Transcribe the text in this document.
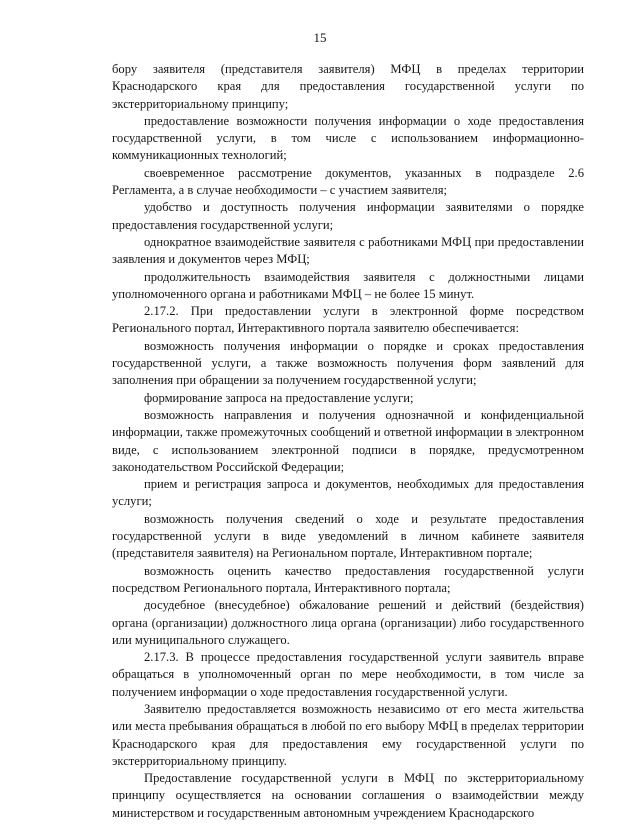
15

бору заявителя (представителя заявителя) МФЦ в пределах территории Краснодарского края для предоставления государственной услуги по экстерриториальному принципу;

предоставление возможности получения информации о ходе предоставления государственной услуги, в том числе с использованием информационно-коммуникационных технологий;

своевременное рассмотрение документов, указанных в подразделе 2.6 Регламента, а в случае необходимости – с участием заявителя;

удобство и доступность получения информации заявителями о порядке предоставления государственной услуги;

однократное взаимодействие заявителя с работниками МФЦ при предоставлении заявления и документов через МФЦ;

продолжительность взаимодействия заявителя с должностными лицами уполномоченного органа и работниками МФЦ – не более 15 минут.

2.17.2. При предоставлении услуги в электронной форме посредством Регионального портал, Интерактивного портала заявителю обеспечивается:

возможность получения информации о порядке и сроках предоставления государственной услуги, а также возможность получения форм заявлений для заполнения при обращении за получением государственной услуги;

формирование запроса на предоставление услуги;

возможность направления и получения однозначной и конфиденциальной информации, также промежуточных сообщений и ответной информации в электронном виде, с использованием электронной подписи в порядке, предусмотренном законодательством Российской Федерации;

прием и регистрация запроса и документов, необходимых для предоставления услуги;

возможность получения сведений о ходе и результате предоставления государственной услуги в виде уведомлений в личном кабинете заявителя (представителя заявителя) на Региональном портале, Интерактивном портале;

возможность оценить качество предоставления государственной услуги посредством Регионального портала, Интерактивного портала;

досудебное (внесудебное) обжалование решений и действий (бездействия) органа (организации) должностного лица органа (организации) либо государственного или муниципального служащего.

2.17.3. В процессе предоставления государственной услуги заявитель вправе обращаться в уполномоченный орган по мере необходимости, в том числе за получением информации о ходе предоставления государственной услуги.

Заявителю предоставляется возможность независимо от его места жительства или места пребывания обращаться в любой по его выбору МФЦ в пределах территории Краснодарского края для предоставления ему государственной услуги по экстерриториальному принципу.

Предоставление государственной услуги в МФЦ по экстерриториальному принципу осуществляется на основании соглашения о взаимодействии между министерством и государственным автономным учреждением Краснодарского
